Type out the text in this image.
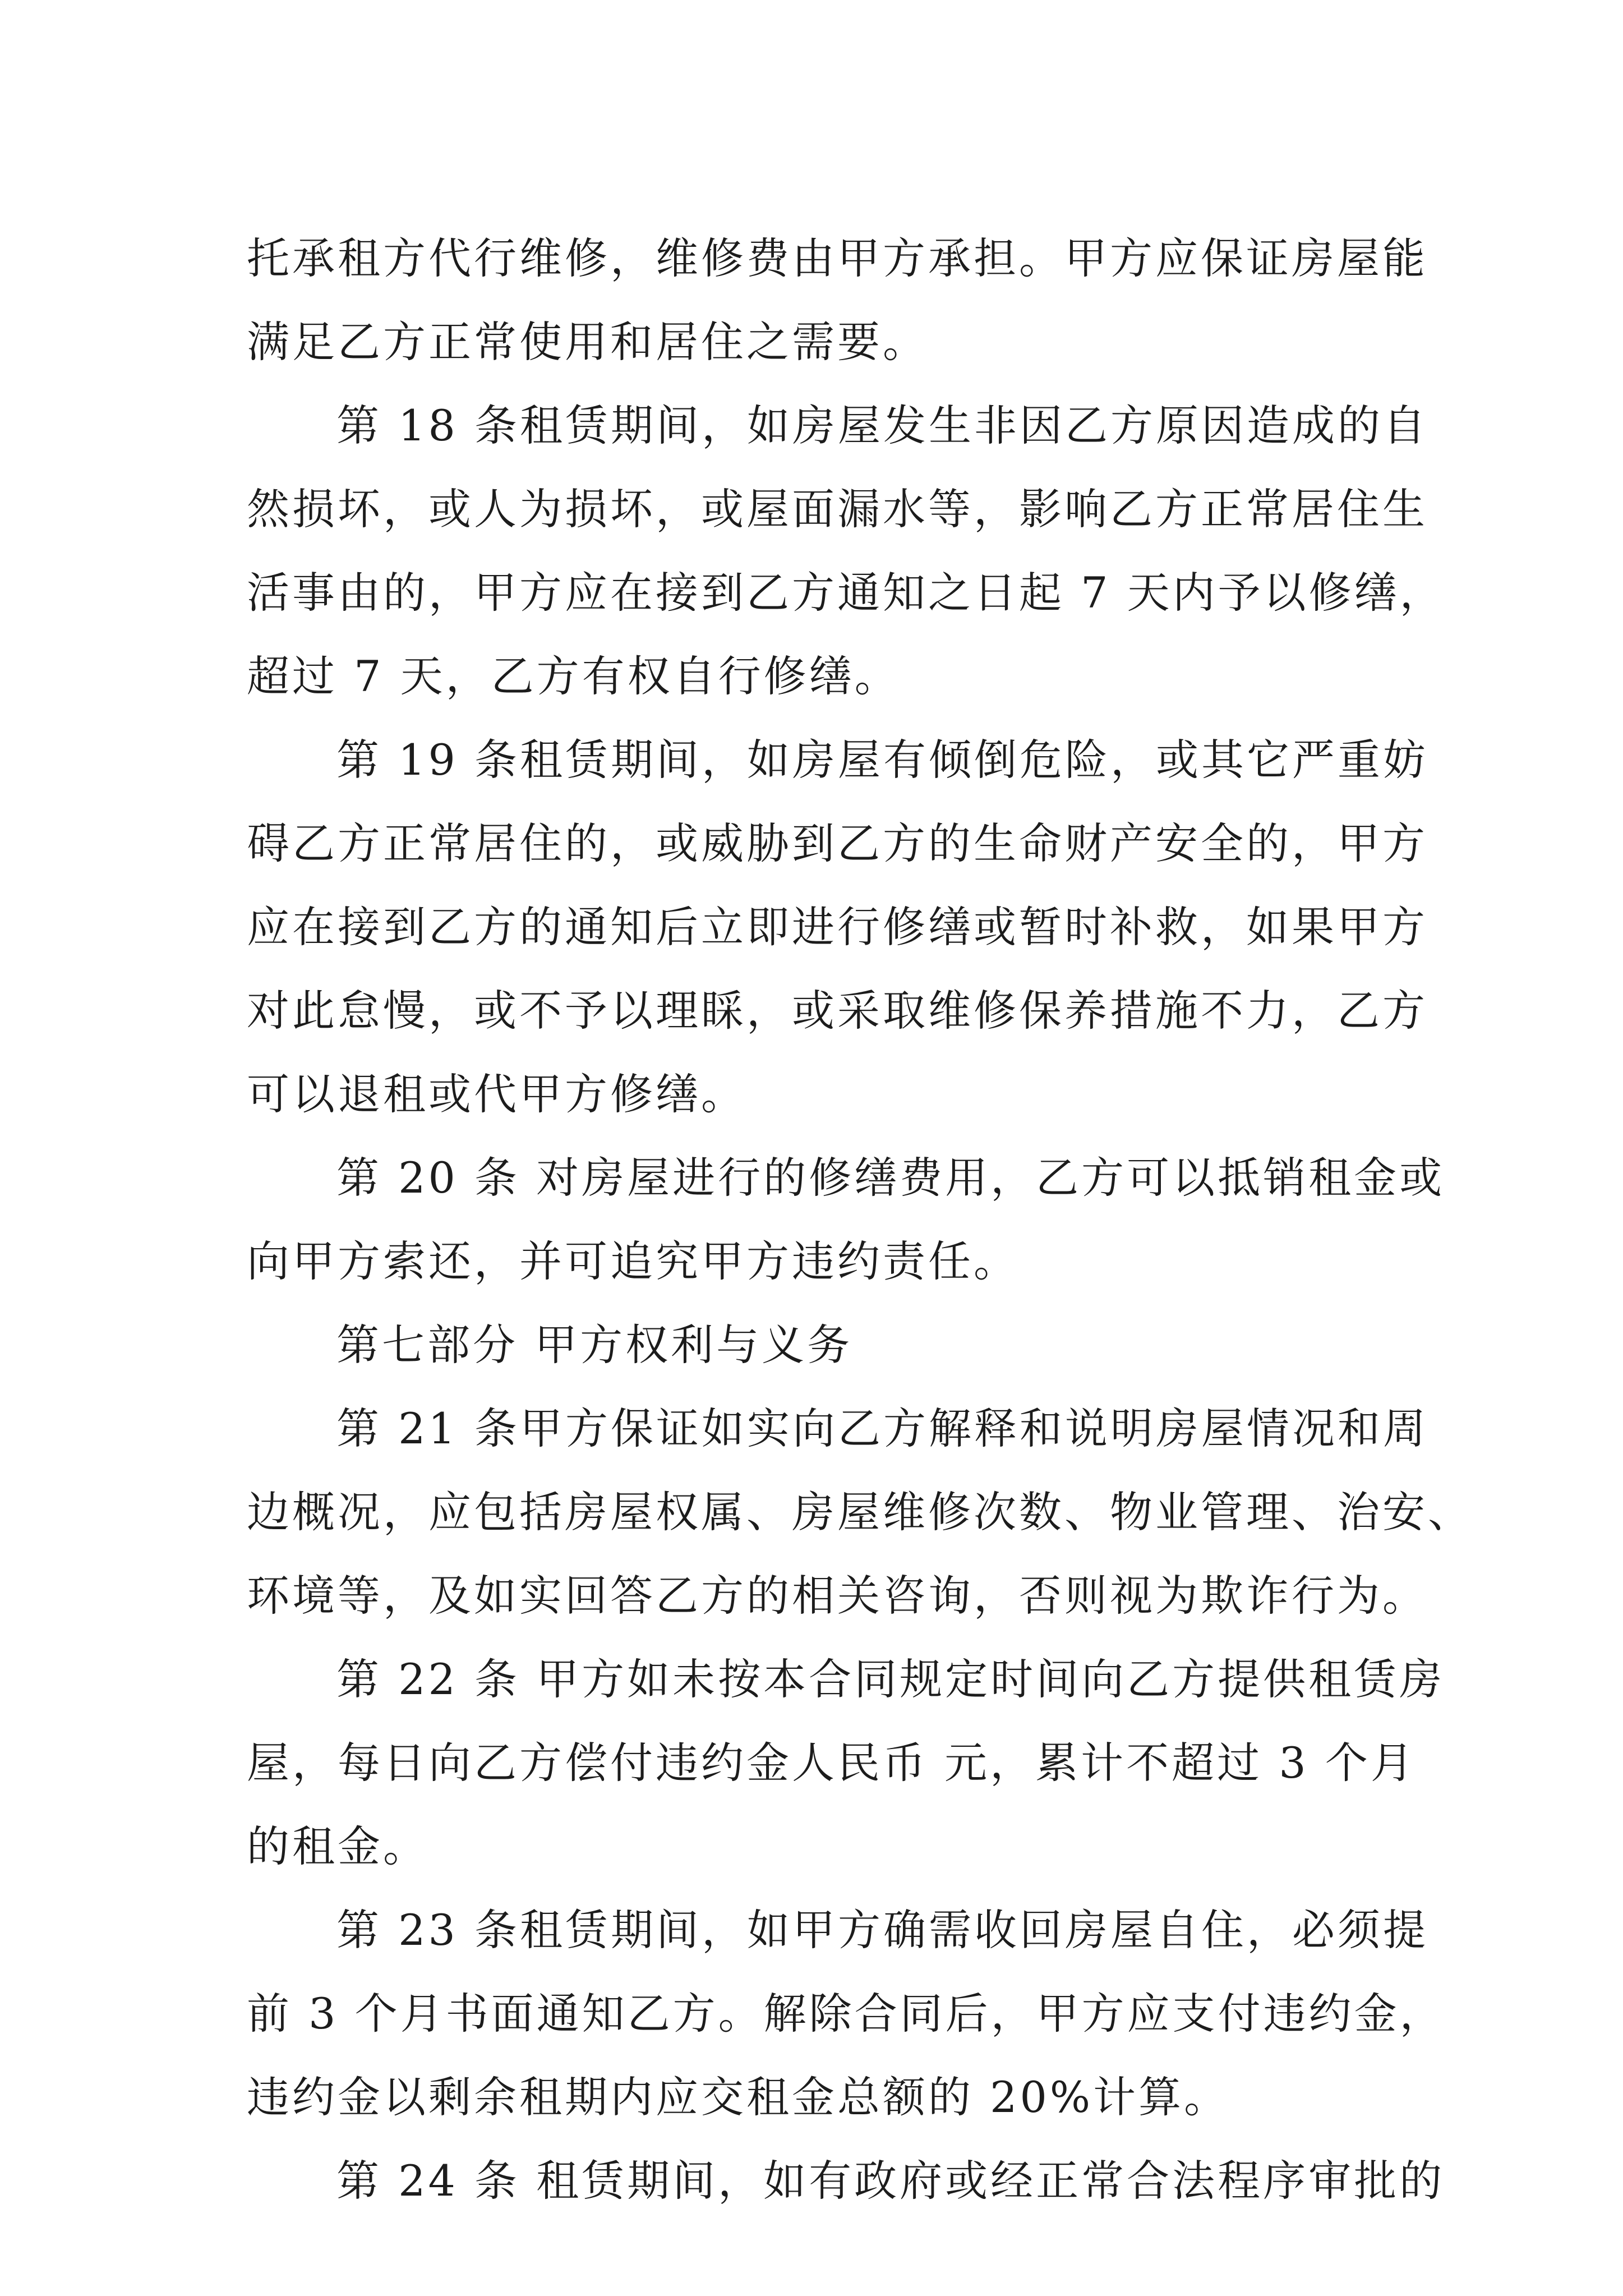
托承租方代行维修，维修费由甲方承担。甲方应保证房屋能
满足乙方正常使用和居住之需要。
第 18 条租赁期间，如房屋发生非因乙方原因造成的自
然损坏，或人为损坏，或屋面漏水等，影响乙方正常居住生
活事由的，甲方应在接到乙方通知之日起 7 天内予以修缮，
超过 7 天，乙方有权自行修缮。
第 19 条租赁期间，如房屋有倾倒危险，或其它严重妨
碍乙方正常居住的，或威胁到乙方的生命财产安全的，甲方
应在接到乙方的通知后立即进行修缮或暂时补救，如果甲方
对此怠慢，或不予以理睬，或采取维修保养措施不力，乙方
可以退租或代甲方修缮。
第 20 条 对房屋进行的修缮费用，乙方可以抵销租金或
向甲方索还，并可追究甲方违约责任。
第七部分 甲方权利与义务
第 21 条甲方保证如实向乙方解释和说明房屋情况和周
边概况，应包括房屋权属、房屋维修次数、物业管理、治安、
环境等，及如实回答乙方的相关咨询，否则视为欺诈行为。
第 22 条 甲方如未按本合同规定时间向乙方提供租赁房
屋，每日向乙方偿付违约金人民币 元，累计不超过 3 个月
的租金。
第 23 条租赁期间，如甲方确需收回房屋自住，必须提
前 3 个月书面通知乙方。解除合同后，甲方应支付违约金，
违约金以剩余租期内应交租金总额的 20%计算。
第 24 条 租赁期间，如有政府或经正常合法程序审批的
